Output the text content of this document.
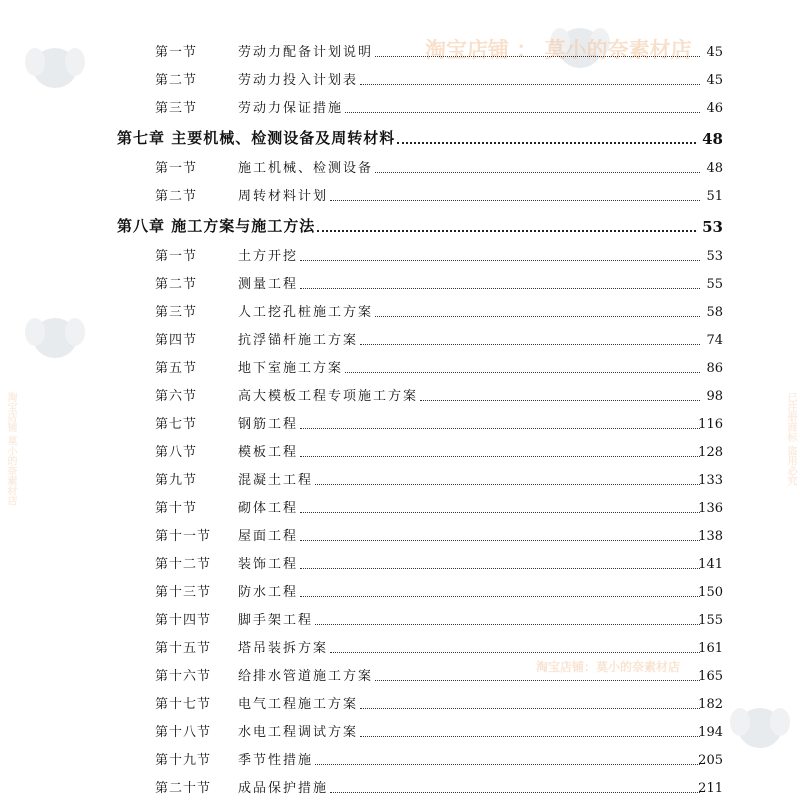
淘宝店铺 ： 莫小的奈素材店
淘宝店铺：莫小的奈素材店
淘宝店铺 莫小的奈素材店	已注册商标 盗用必究
第一节	劳动力配备计划说明	45
第二节	劳动力投入计划表	45
第三节	劳动力保证措施	46
第七章 主要机械、检测设备及周转材料	48
第一节	施工机械、检测设备	48
第二节	周转材料计划	51
第八章 施工方案与施工方法	53
第一节	土方开挖	53
第二节	测量工程	55
第三节	人工挖孔桩施工方案	58
第四节	抗浮锚杆施工方案	74
第五节	地下室施工方案	86
第六节	高大模板工程专项施工方案	98
第七节	钢筋工程	116
第八节	模板工程	128
第九节	混凝土工程	133
第十节	砌体工程	136
第十一节 屋面工程	138
第十二节 装饰工程	141
第十三节 防水工程	150
第十四节 脚手架工程	155
第十五节 塔吊装拆方案	161
第十六节 给排水管道施工方案	165
第十七节 电气工程施工方案	182
第十八节 水电工程调试方案	194
第十九节 季节性措施	205
第二十节 成品保护措施	211
